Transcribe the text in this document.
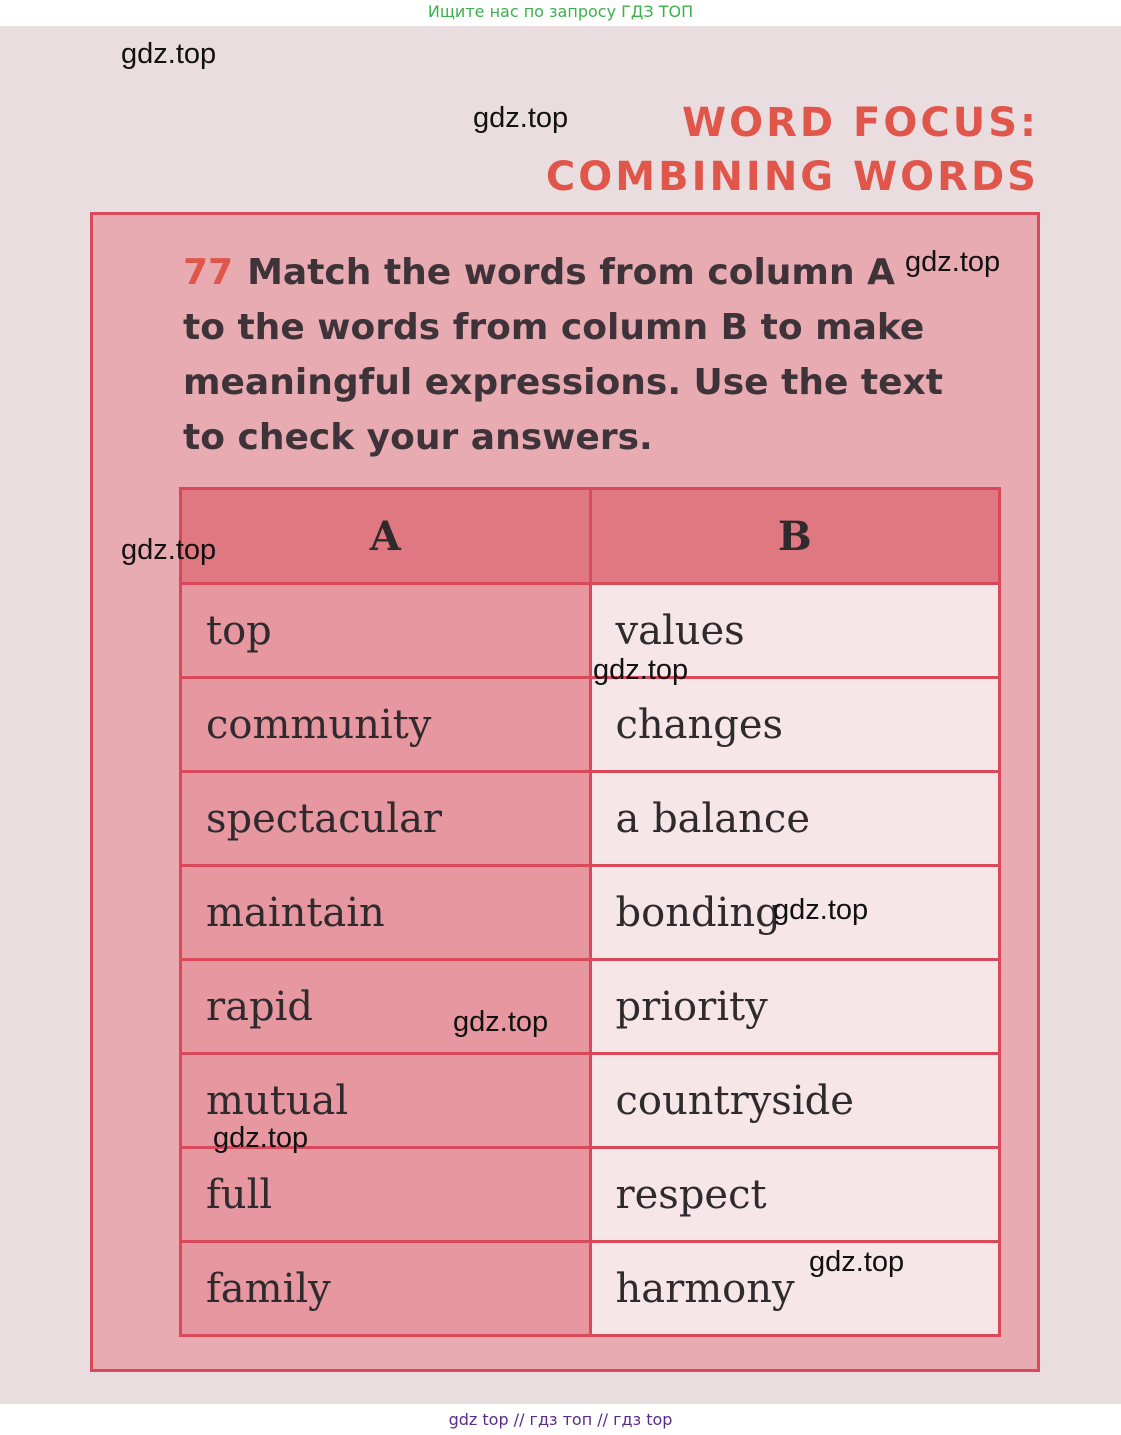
Ищите нас по запросу ГДЗ ТОП
WORD FOCUS:
COMBINING WORDS
77 Match the words from column A to the words from column B to make meaningful expressions. Use the text to check your answers.
A	B
top	values
community	changes
spectacular	a balance
maintain	bonding
rapid	priority
mutual	countryside
full	respect
family	harmony
gdz.top
gdz.top
gdz.top
gdz.top
gdz.top
gdz.top
gdz.top
gdz.top
gdz.top
gdz top // гдз топ // гдз top
